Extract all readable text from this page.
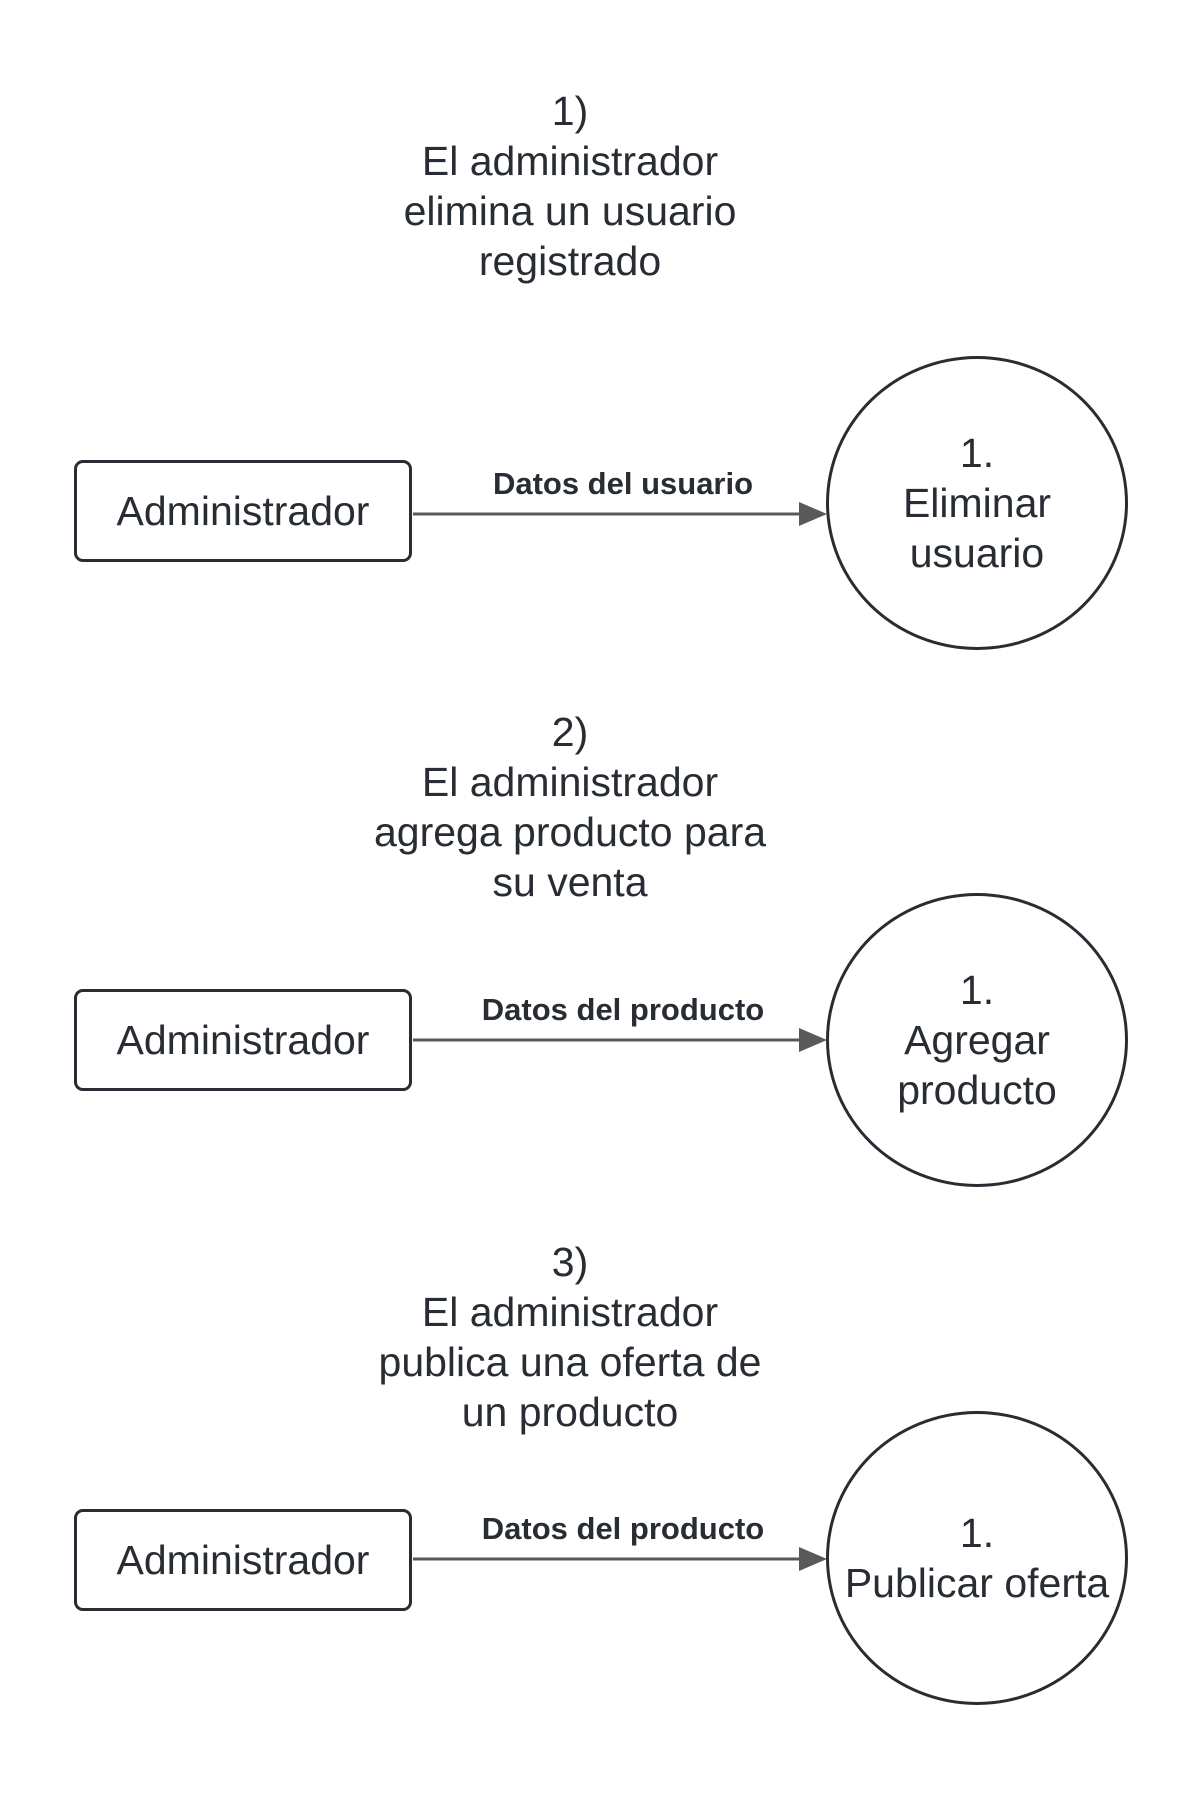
1)
El administrador
elimina un usuario
registrado
Administrador
Datos del usuario
1.
Eliminar
usuario
2)
El administrador
agrega producto para
su venta
Administrador
Datos del producto	1.
Agregar
producto
3)
El administrador
publica una oferta de
un producto
Administrador
Datos del producto	1.
Publicar oferta
